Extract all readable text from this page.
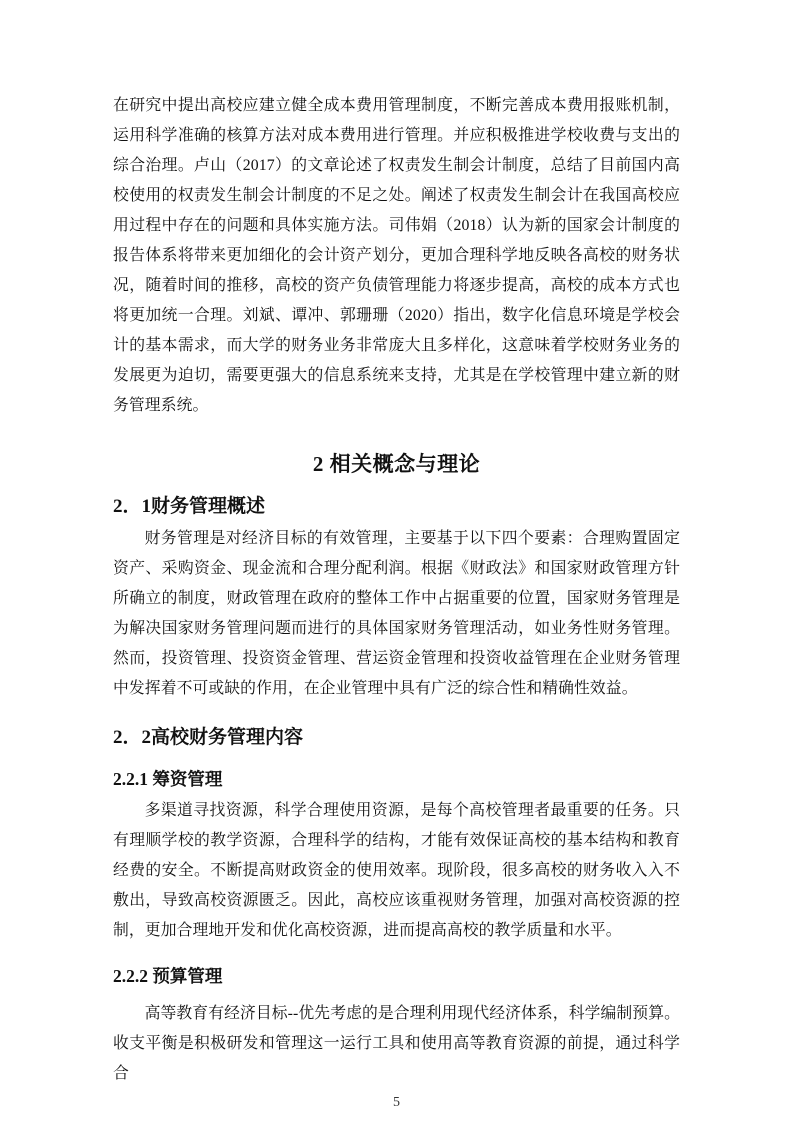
在研究中提出高校应建立健全成本费用管理制度，不断完善成本费用报账机制，运用科学准确的核算方法对成本费用进行管理。并应积极推进学校收费与支出的综合治理。卢山（2017）的文章论述了权责发生制会计制度，总结了目前国内高校使用的权责发生制会计制度的不足之处。阐述了权责发生制会计在我国高校应用过程中存在的问题和具体实施方法。司伟娟（2018）认为新的国家会计制度的报告体系将带来更加细化的会计资产划分，更加合理科学地反映各高校的财务状况，随着时间的推移，高校的资产负债管理能力将逐步提高，高校的成本方式也将更加统一合理。刘斌、谭冲、郭珊珊（2020）指出，数字化信息环境是学校会计的基本需求，而大学的财务业务非常庞大且多样化，这意味着学校财务业务的发展更为迫切，需要更强大的信息系统来支持，尤其是在学校管理中建立新的财务管理系统。

2 相关概念与理论
2．1财务管理概述

财务管理是对经济目标的有效管理，主要基于以下四个要素：合理购置固定资产、采购资金、现金流和合理分配利润。根据《财政法》和国家财政管理方针所确立的制度，财政管理在政府的整体工作中占据重要的位置，国家财务管理是为解决国家财务管理问题而进行的具体国家财务管理活动，如业务性财务管理。然而，投资管理、投资资金管理、营运资金管理和投资收益管理在企业财务管理中发挥着不可或缺的作用，在企业管理中具有广泛的综合性和精确性效益。

2．2高校财务管理内容
2.2.1 筹资管理

多渠道寻找资源，科学合理使用资源，是每个高校管理者最重要的任务。只有理顺学校的教学资源，合理科学的结构，才能有效保证高校的基本结构和教育经费的安全。不断提高财政资金的使用效率。现阶段，很多高校的财务收入入不敷出，导致高校资源匮乏。因此，高校应该重视财务管理，加强对高校资源的控制，更加合理地开发和优化高校资源，进而提高高校的教学质量和水平。

2.2.2 预算管理

高等教育有经济目标--优先考虑的是合理利用现代经济体系，科学编制预算。收支平衡是积极研发和管理这一运行工具和使用高等教育资源的前提，通过科学合

5
